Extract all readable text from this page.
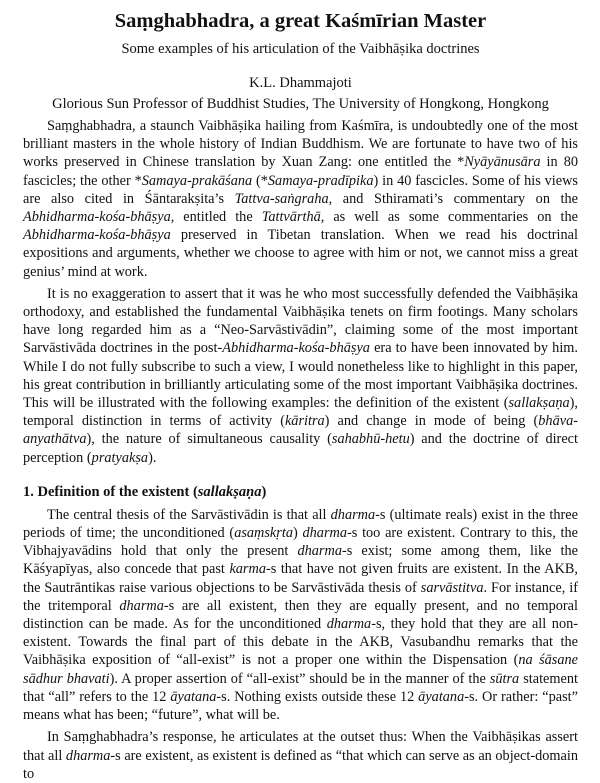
Saṃghabhadra, a great Kaśmīrian Master
Some examples of his articulation of the Vaibhāṣika doctrines
K.L. Dhammajoti
Glorious Sun Professor of Buddhist Studies, The University of Hongkong, Hongkong

Saṃghabhadra, a staunch Vaibhāṣika hailing from Kaśmīra, is undoubtedly one of the most brilliant masters in the whole history of Indian Buddhism. We are fortunate to have two of his works preserved in Chinese translation by Xuan Zang: one entitled the *Nyāyānusāra in 80 fascicles; the other *Samaya-prakāśana (*Samaya-pradīpika) in 40 fascicles. Some of his views are also cited in Śāntarakṣita’s Tattva-saṅgraha, and Sthiramati’s commentary on the Abhidharma-kośa-bhāṣya, entitled the Tattvārthā, as well as some commentaries on the Abhidharma-kośa-bhāṣya preserved in Tibetan translation. When we read his doctrinal expositions and arguments, whether we choose to agree with him or not, we cannot miss a great genius’ mind at work.

It is no exaggeration to assert that it was he who most successfully defended the Vaibhāṣika orthodoxy, and established the fundamental Vaibhāṣika tenets on firm footings. Many scholars have long regarded him as a “Neo-Sarvāstivādin”, claiming some of the most important Sarvāstivāda doctrines in the post-Abhidharma-kośa-bhāṣya era to have been innovated by him. While I do not fully subscribe to such a view, I would nonetheless like to highlight in this paper, his great contribution in brilliantly articulating some of the most important Vaibhāṣika doctrines. This will be illustrated with the following examples: the definition of the existent (sallakṣaṇa), temporal distinction in terms of activity (kāritra) and change in mode of being (bhāva-anyathātva), the nature of simultaneous causality (sahabhū-hetu) and the doctrine of direct perception (pratyakṣa).

1. Definition of the existent (sallakṣaṇa)

The central thesis of the Sarvāstivādin is that all dharma-s (ultimate reals) exist in the three periods of time; the unconditioned (asaṃskṛta) dharma-s too are existent. Contrary to this, the Vibhajyavādins hold that only the present dharma-s exist; some among them, like the Kāśyapīyas, also concede that past karma-s that have not given fruits are existent. In the AKB, the Sautrāntikas raise various objections to be Sarvāstivāda thesis of sarvāstitva. For instance, if the tritemporal dharma-s are all existent, then they are equally present, and no temporal distinction can be made. As for the unconditioned dharma-s, they hold that they are all non-existent. Towards the final part of this debate in the AKB, Vasubandhu remarks that the Vaibhāṣika exposition of “all-exist” is not a proper one within the Dispensation (na śāsane sādhur bhavati). A proper assertion of “all-exist” should be in the manner of the sūtra statement that “all” refers to the 12 āyatana-s. Nothing exists outside these 12 āyatana-s. Or rather: “past” means what has been; “future”, what will be.

In Saṃghabhadra’s response, he articulates at the outset thus: When the Vaibhāṣikas assert that all dharma-s are existent, as existent is defined as “that which can serve as an object-domain to
